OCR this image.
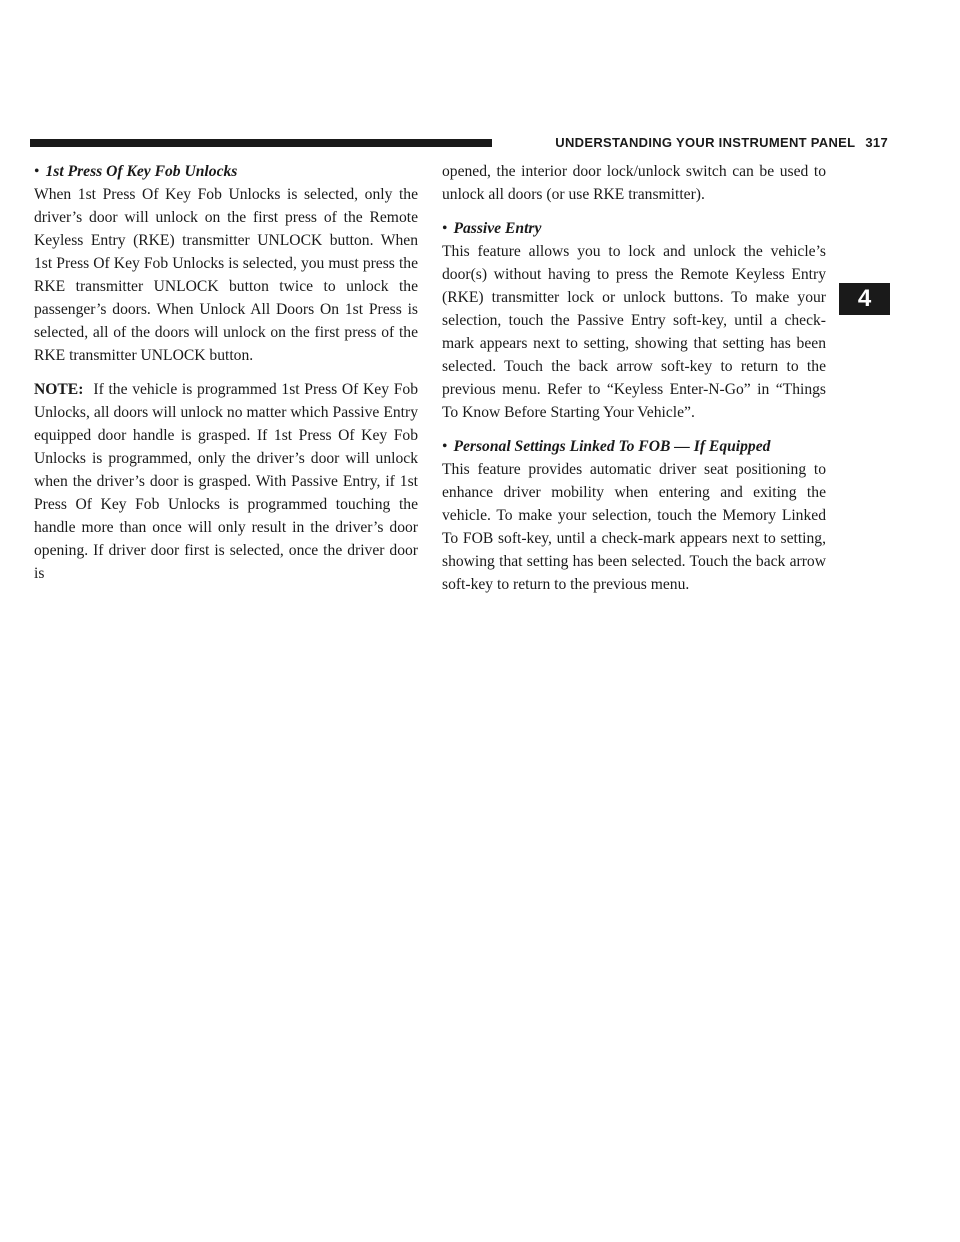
UNDERSTANDING YOUR INSTRUMENT PANEL 317
4

• 1st Press Of Key Fob Unlocks

When 1st Press Of Key Fob Unlocks is selected, only the driver’s door will unlock on the first press of the Remote Keyless Entry (RKE) transmitter UNLOCK button. When 1st Press Of Key Fob Unlocks is selected, you must press the RKE transmitter UNLOCK button twice to unlock the passenger’s doors. When Unlock All Doors On 1st Press is selected, all of the doors will unlock on the first press of the RKE transmitter UNLOCK button.
NOTE: If the vehicle is programmed 1st Press Of Key Fob Unlocks, all doors will unlock no matter which Passive Entry equipped door handle is grasped. If 1st Press Of Key Fob Unlocks is programmed, only the driver’s door will unlock when the driver’s door is grasped. With Passive Entry, if 1st Press Of Key Fob Unlocks is programmed touching the handle more than once will only result in the driver’s door opening. If driver door first is selected, once the driver door is
opened, the interior door lock/unlock switch can be used to unlock all doors (or use RKE transmitter).

• Passive Entry

This feature allows you to lock and unlock the vehicle’s door(s) without having to press the Remote Keyless Entry (RKE) transmitter lock or unlock buttons. To make your selection, touch the Passive Entry soft-key, until a check-mark appears next to setting, showing that setting has been selected. Touch the back arrow soft-key to return to the previous menu. Refer to “Keyless Enter-N-Go” in “Things To Know Before Starting Your Vehicle”.

• Personal Settings Linked To FOB — If Equipped

This feature provides automatic driver seat positioning to enhance driver mobility when entering and exiting the vehicle. To make your selection, touch the Memory Linked To FOB soft-key, until a check-mark appears next to setting, showing that setting has been selected. Touch the back arrow soft-key to return to the previous menu.
